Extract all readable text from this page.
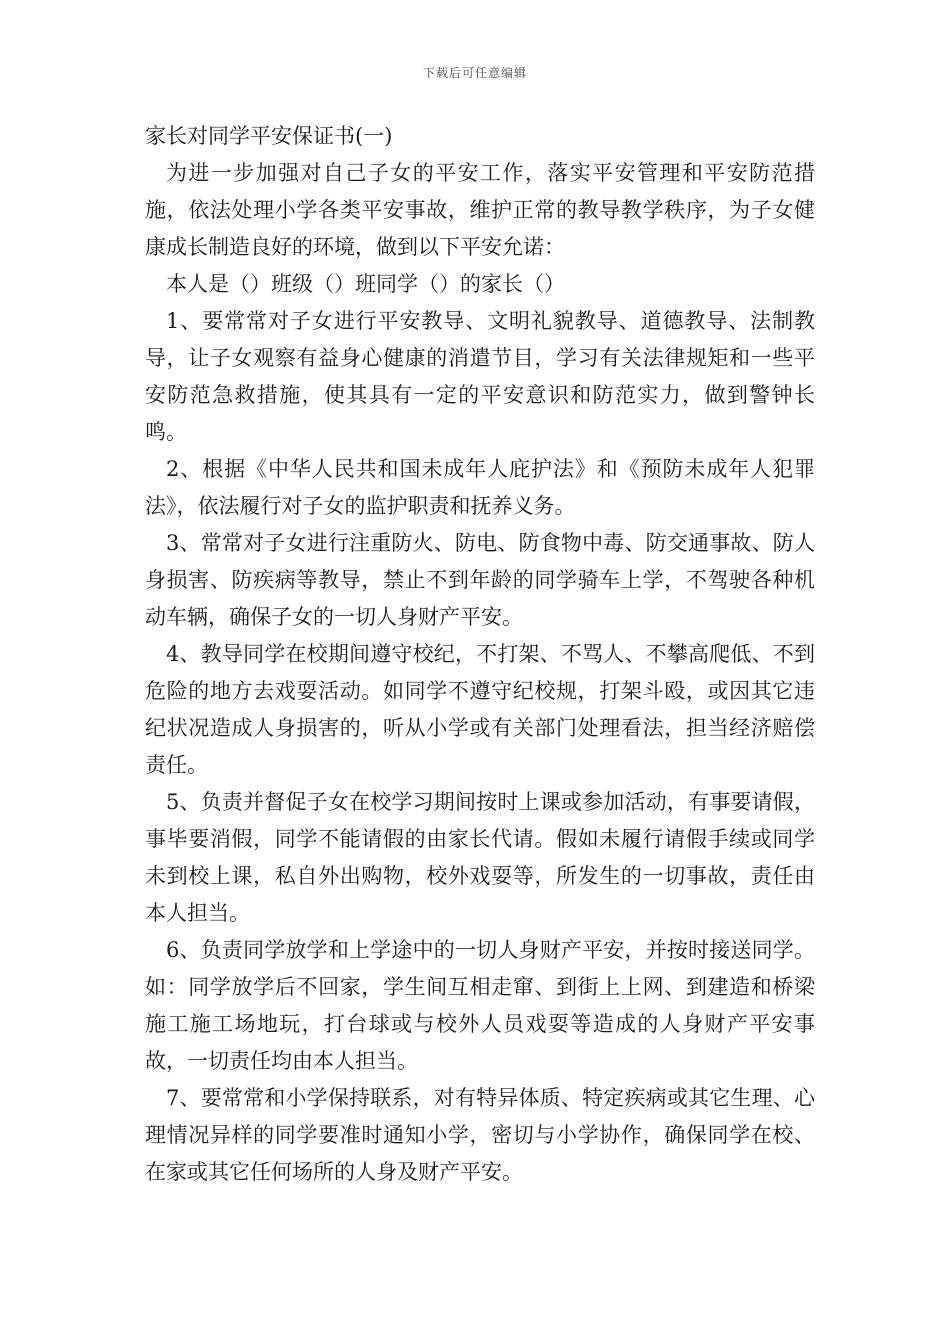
下载后可任意编辑
家长对同学平安保证书(一)

为进一步加强对自己子女的平安工作，落实平安管理和平安防范措施，依法处理小学各类平安事故，维护正常的教导教学秩序，为子女健康成长制造良好的环境，做到以下平安允诺：

本人是（）班级（）班同学（）的家长（）

1、要常常对子女进行平安教导、文明礼貌教导、道德教导、法制教导，让子女观察有益身心健康的消遣节目，学习有关法律规矩和一些平安防范急救措施，使其具有一定的平安意识和防范实力，做到警钟长鸣。

2、根据《中华人民共和国未成年人庇护法》和《预防未成年人犯罪法》，依法履行对子女的监护职责和抚养义务。

3、常常对子女进行注重防火、防电、防食物中毒、防交通事故、防人身损害、防疾病等教导，禁止不到年龄的同学骑车上学，不驾驶各种机动车辆，确保子女的一切人身财产平安。

4、教导同学在校期间遵守校纪，不打架、不骂人、不攀高爬低、不到危险的地方去戏耍活动。如同学不遵守纪校规，打架斗殴，或因其它违纪状况造成人身损害的，听从小学或有关部门处理看法，担当经济赔偿责任。

5、负责并督促子女在校学习期间按时上课或参加活动，有事要请假，事毕要消假，同学不能请假的由家长代请。假如未履行请假手续或同学未到校上课，私自外出购物，校外戏耍等，所发生的一切事故，责任由本人担当。

6、负责同学放学和上学途中的一切人身财产平安，并按时接送同学。如：同学放学后不回家，学生间互相走窜、到街上上网、到建造和桥梁施工施工场地玩，打台球或与校外人员戏耍等造成的人身财产平安事故，一切责任均由本人担当。

7、要常常和小学保持联系，对有特异体质、特定疾病或其它生理、心理情况异样的同学要准时通知小学，密切与小学协作，确保同学在校、在家或其它任何场所的人身及财产平安。
